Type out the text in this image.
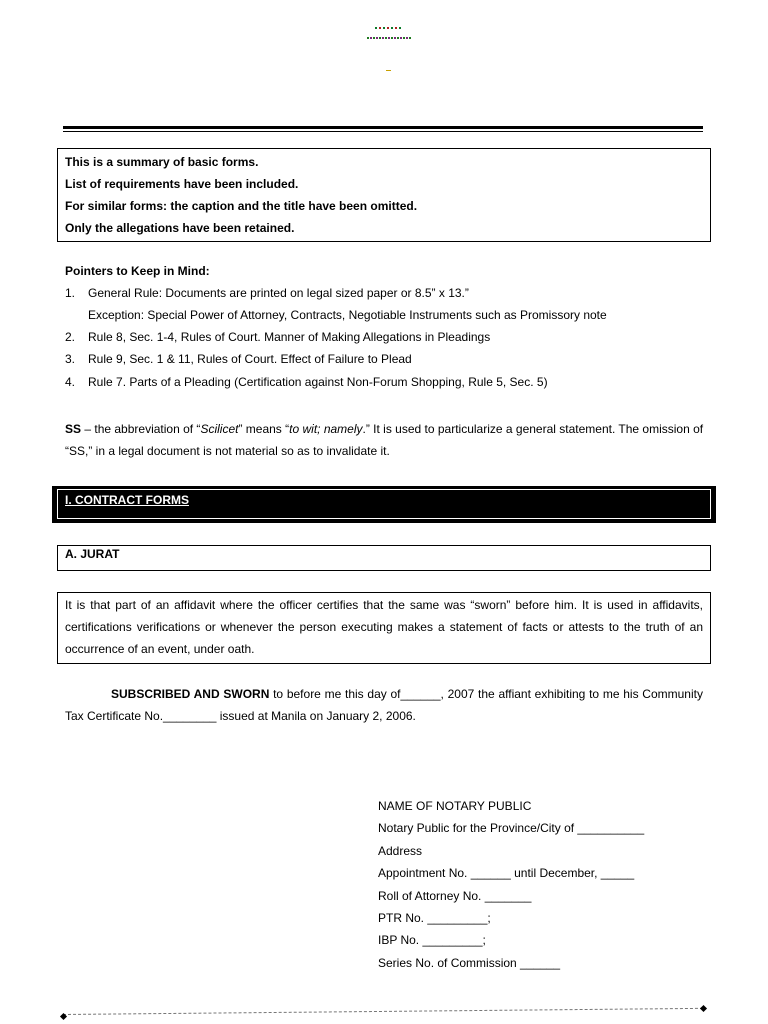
This is a summary of basic forms.
List of requirements have been included.
For similar forms: the caption and the title have been omitted.
Only the allegations have been retained.
Pointers to Keep in Mind:
1. General Rule: Documents are printed on legal sized paper or 8.5” x 13.”
Exception: Special Power of Attorney, Contracts, Negotiable Instruments such as Promissory note
2. Rule 8, Sec. 1-4, Rules of Court. Manner of Making Allegations in Pleadings
3. Rule 9, Sec. 1 & 11, Rules of Court. Effect of Failure to Plead
4. Rule 7. Parts of a Pleading (Certification against Non-Forum Shopping, Rule 5, Sec. 5)
SS – the abbreviation of “Scilicet” means “to wit; namely.” It is used to particularize a general statement. The omission of “SS,” in a legal document is not material so as to invalidate it.
I. CONTRACT FORMS
A. JURAT

It is that part of an affidavit where the officer certifies that the same was “sworn” before him. It is used in affidavits, certifications verifications or whenever the person executing makes a statement of facts or attests to the truth of an occurrence of an event, under oath.

SUBSCRIBED AND SWORN to before me this day of______, 2007 the affiant exhibiting to me his Community Tax Certificate No.________ issued at Manila on January 2, 2006.
NAME OF NOTARY PUBLIC
Notary Public for the Province/City of __________
Address
Appointment No. ______ until December, _____
Roll of Attorney No. _______
PTR No. _________;
IBP No. _________;
Series No. of Commission ______
